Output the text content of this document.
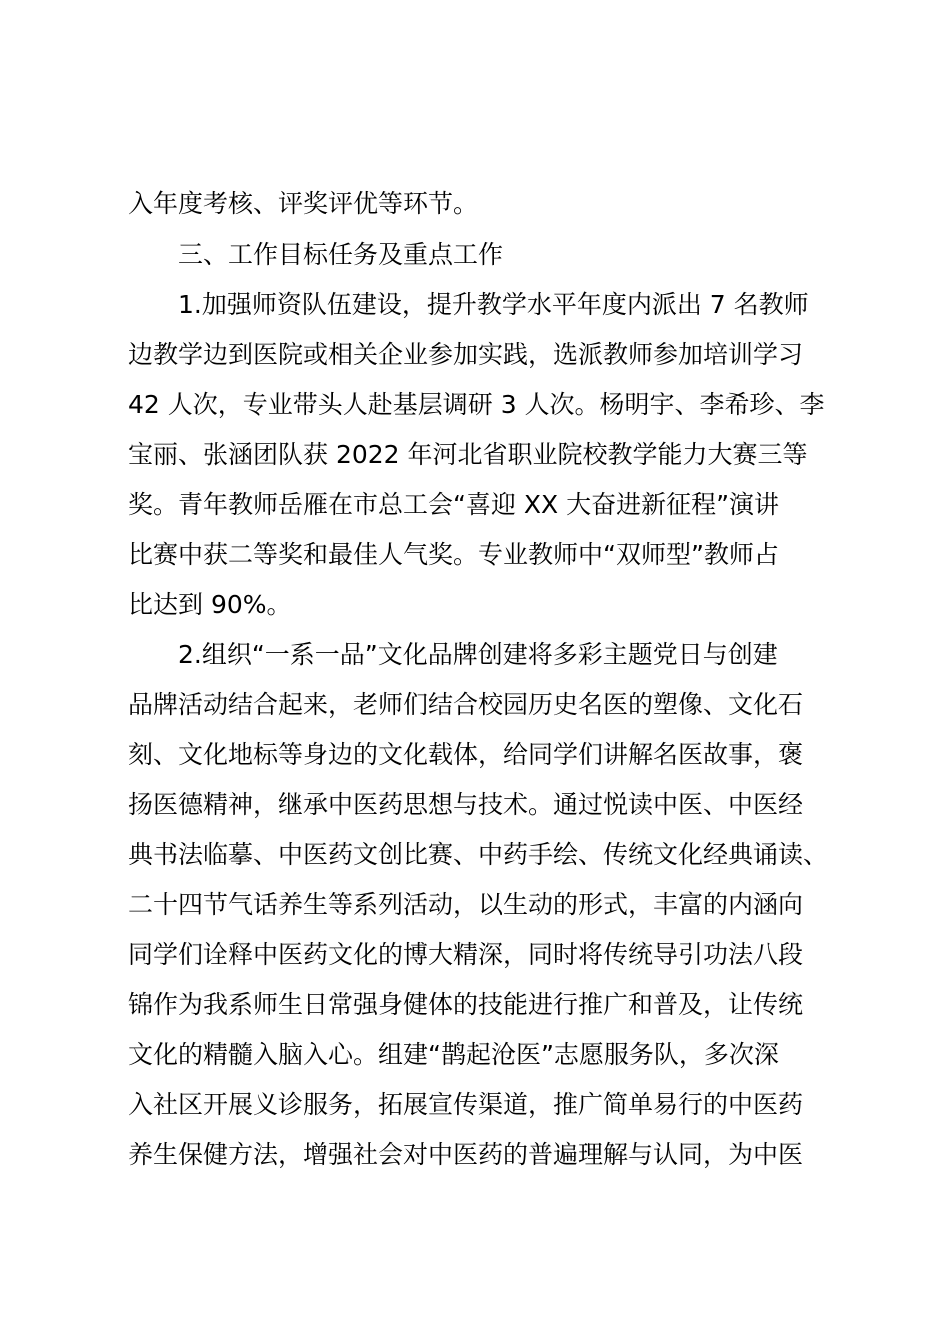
入年度考核、评奖评优等环节。
三、工作目标任务及重点工作
1.加强师资队伍建设，提升教学水平年度内派出 7 名教师
边教学边到医院或相关企业参加实践，选派教师参加培训学习
42 人次，专业带头人赴基层调研 3 人次。杨明宇、李希珍、李
宝丽、张涵团队获 2022 年河北省职业院校教学能力大赛三等
奖。青年教师岳雁在市总工会“喜迎 XX 大奋进新征程”演讲
比赛中获二等奖和最佳人气奖。专业教师中“双师型”教师占
比达到 90%。
2.组织“一系一品”文化品牌创建将多彩主题党日与创建
品牌活动结合起来，老师们结合校园历史名医的塑像、文化石
刻、文化地标等身边的文化载体，给同学们讲解名医故事，褒
扬医德精神，继承中医药思想与技术。通过悦读中医、中医经
典书法临摹、中医药文创比赛、中药手绘、传统文化经典诵读、
二十四节气话养生等系列活动，以生动的形式，丰富的内涵向
同学们诠释中医药文化的博大精深，同时将传统导引功法八段
锦作为我系师生日常强身健体的技能进行推广和普及，让传统
文化的精髓入脑入心。组建“鹊起沧医”志愿服务队，多次深
入社区开展义诊服务，拓展宣传渠道，推广简单易行的中医药
养生保健方法，增强社会对中医药的普遍理解与认同，为中医
